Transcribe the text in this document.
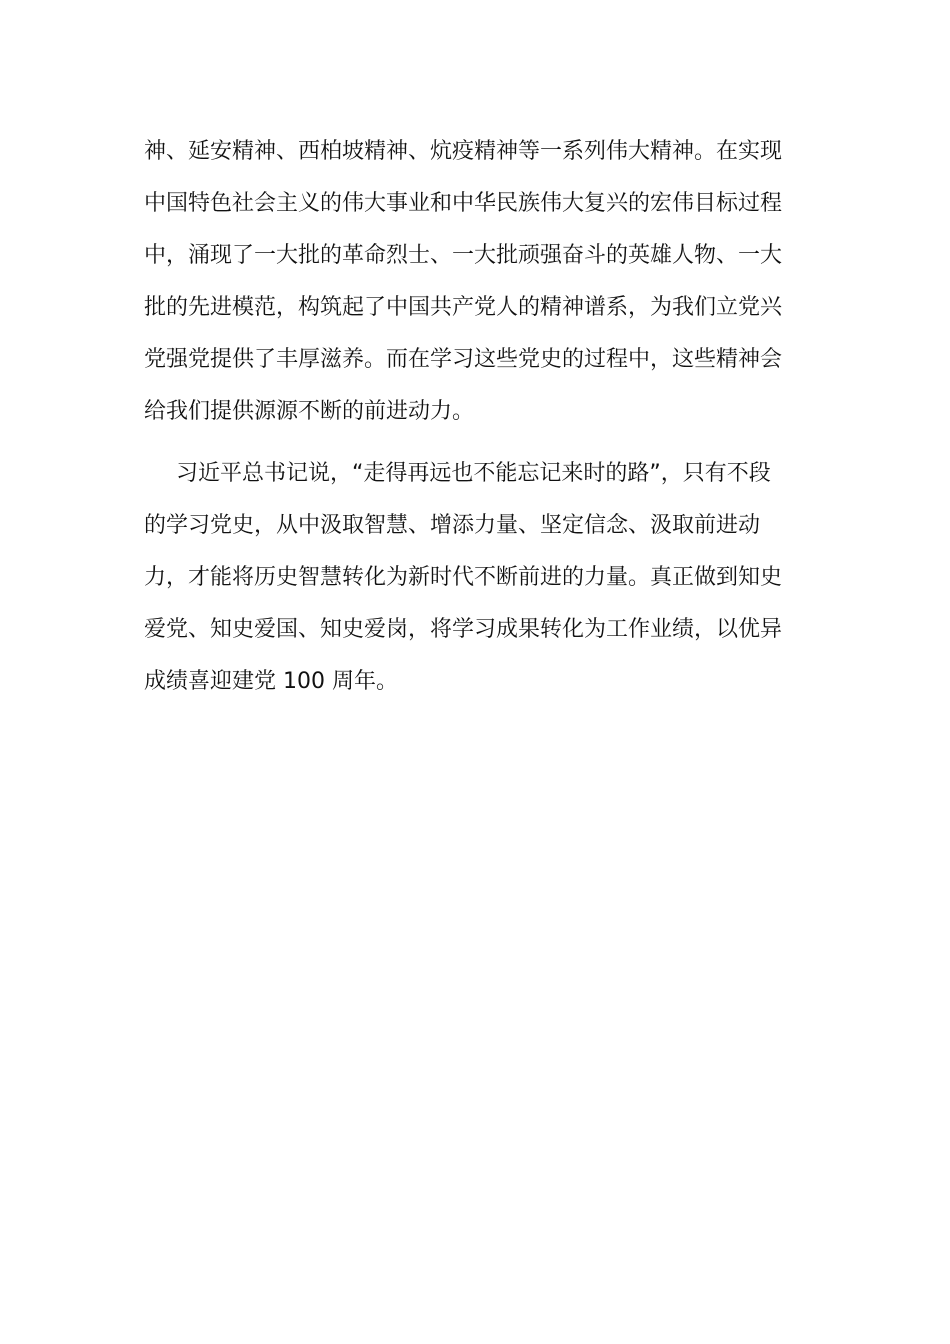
神、延安精神、西柏坡精神、炕疫精神等一系列伟大精神。在实现
中国特色社会主义的伟大事业和中华民族伟大复兴的宏伟目标过程
中，涌现了一大批的革命烈士、一大批顽强奋斗的英雄人物、一大
批的先进模范，构筑起了中国共产党人的精神谱系，为我们立党兴
党强党提供了丰厚滋养。而在学习这些党史的过程中，这些精神会
给我们提供源源不断的前进动力。
习近平总书记说，“走得再远也不能忘记来时的路”，只有不段
的学习党史，从中汲取智慧、增添力量、坚定信念、汲取前进动
力，才能将历史智慧转化为新时代不断前进的力量。真正做到知史
爱党、知史爱国、知史爱岗，将学习成果转化为工作业绩，以优异
成绩喜迎建党 100 周年。
